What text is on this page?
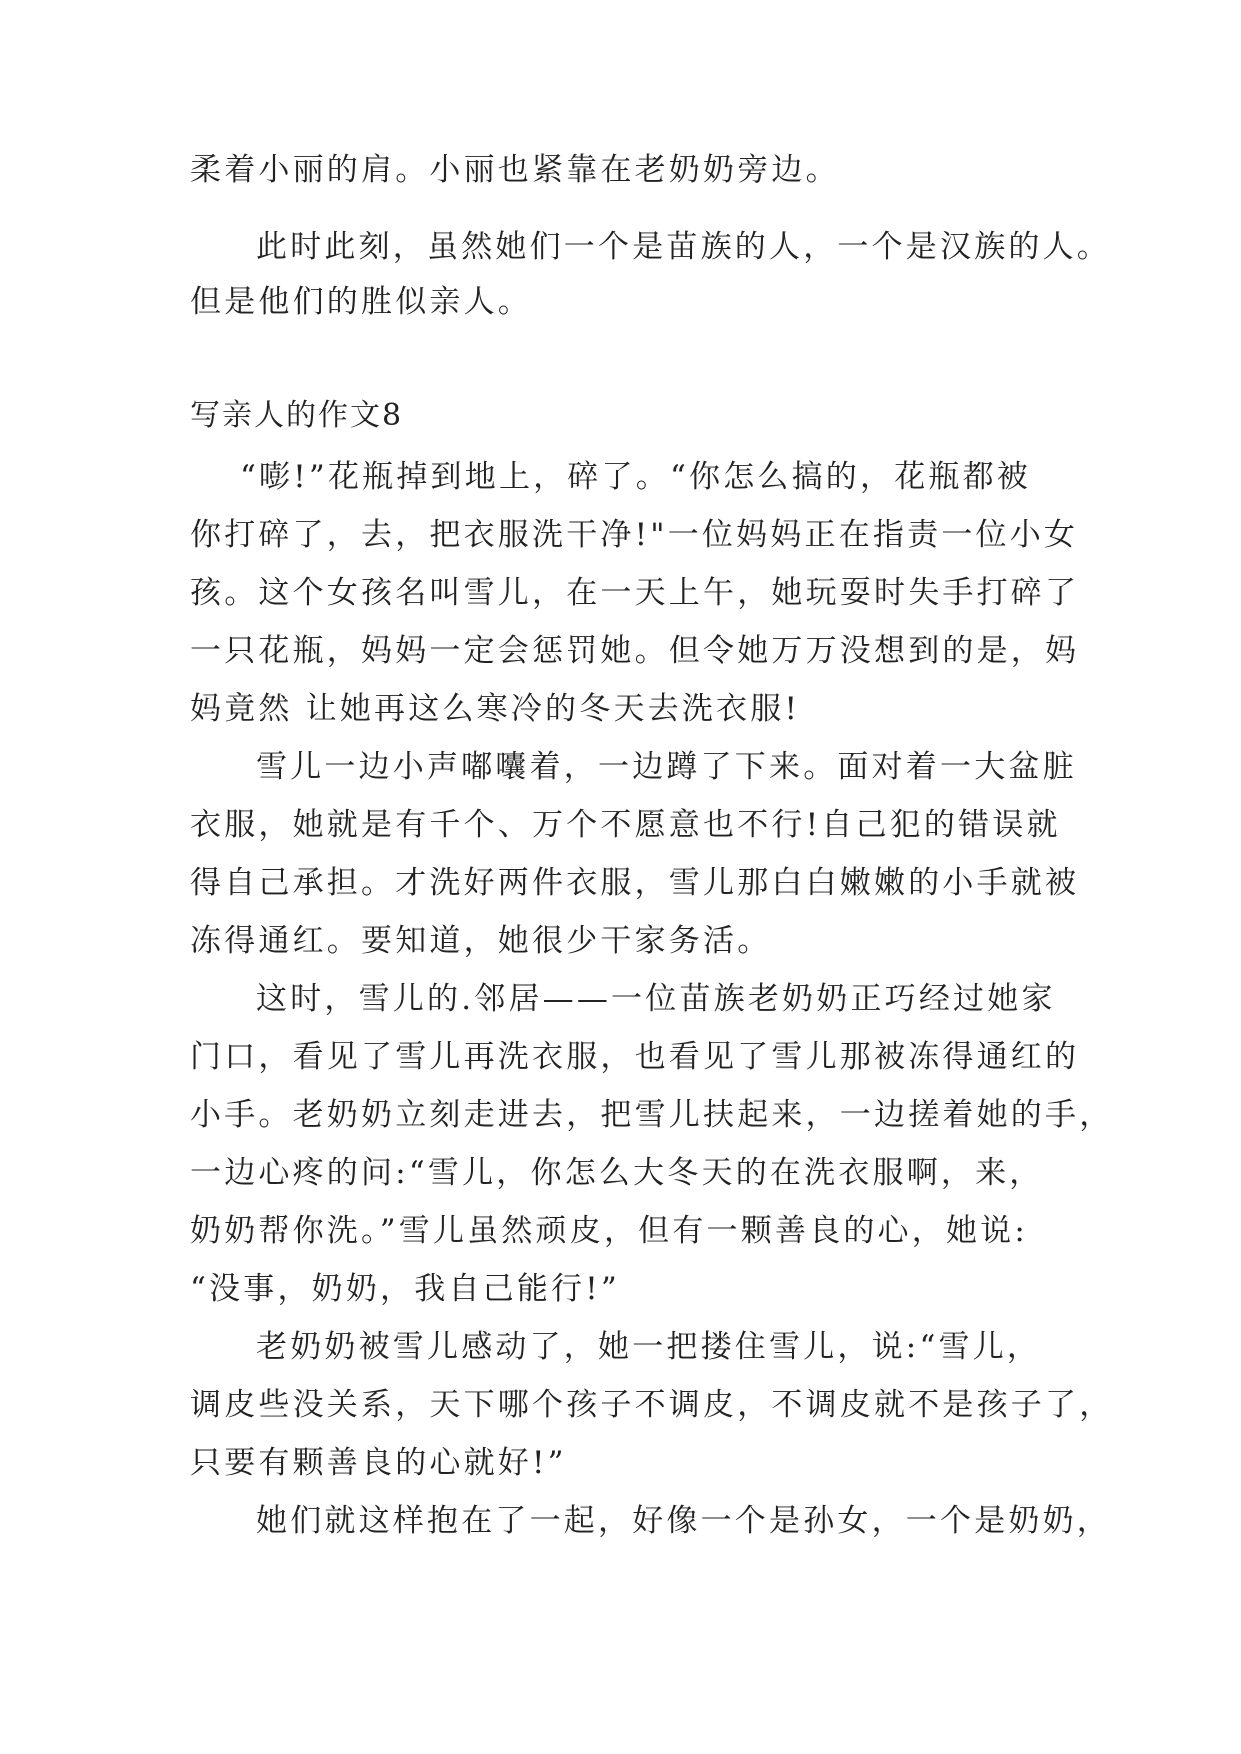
柔着小丽的肩。小丽也紧靠在老奶奶旁边。
此时此刻，虽然她们一个是苗族的人，一个是汉族的人。
但是他们的胜似亲人。
写亲人的作文8
“嘭!”花瓶掉到地上，碎了。“你怎么搞的，花瓶都被
你打碎了，去，把衣服洗干净!"一位妈妈正在指责一位小女
孩。这个女孩名叫雪儿，在一天上午，她玩耍时失手打碎了
一只花瓶，妈妈一定会惩罚她。但令她万万没想到的是，妈
妈竟然 让她再这么寒冷的冬天去洗衣服!
雪儿一边小声嘟囔着，一边蹲了下来。面对着一大盆脏
衣服，她就是有千个、万个不愿意也不行!自己犯的错误就
得自己承担。才洗好两件衣服，雪儿那白白嫩嫩的小手就被
冻得通红。要知道，她很少干家务活。
这时，雪儿的.邻居——一位苗族老奶奶正巧经过她家
门口，看见了雪儿再洗衣服，也看见了雪儿那被冻得通红的
小手。老奶奶立刻走进去，把雪儿扶起来，一边搓着她的手，
一边心疼的问:“雪儿，你怎么大冬天的在洗衣服啊，来，
奶奶帮你洗。”雪儿虽然顽皮，但有一颗善良的心，她说:
“没事，奶奶，我自己能行!”
老奶奶被雪儿感动了，她一把搂住雪儿，说:“雪儿，
调皮些没关系，天下哪个孩子不调皮，不调皮就不是孩子了，
只要有颗善良的心就好!”
她们就这样抱在了一起，好像一个是孙女，一个是奶奶，
